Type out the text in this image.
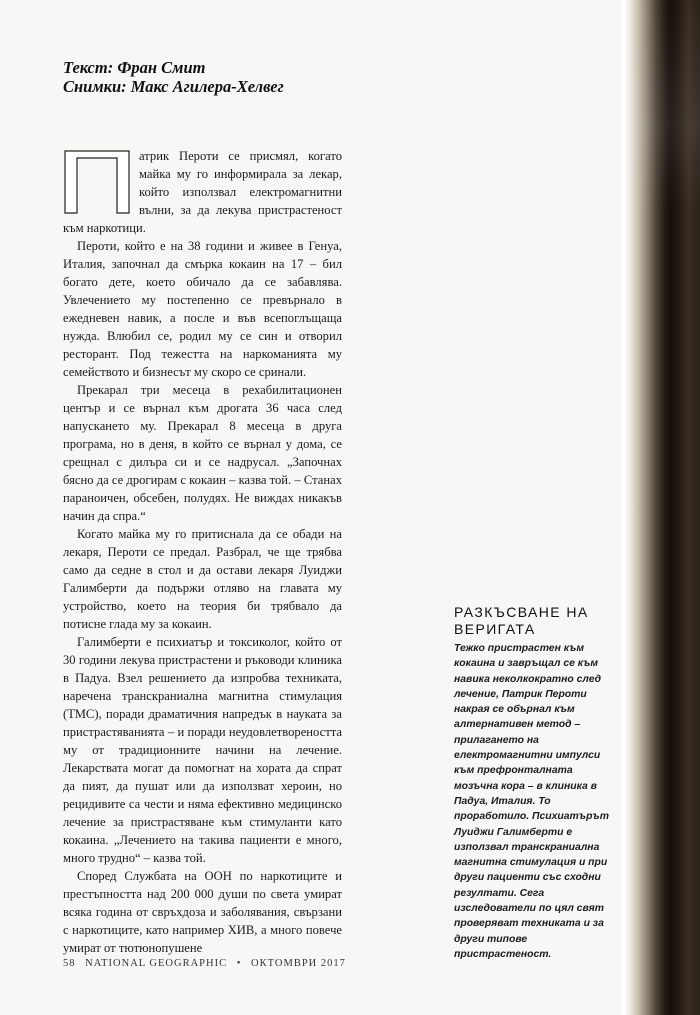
Текст: Фран Смит
Снимки: Макс Агилера-Хелвег

атрик Перoти се присмял, когато майка му го информирала за лекар, който използвал електромагнитни вълни, за да лекува пристрастеност към наркотици.

Перoти, който е на 38 години и живее в Генуа, Италия, започнал да смърка кокаин на 17 – бил богато дете, което обичало да се забавлява. Увлечението му постепенно се превърнало в ежедневен навик, а после и във всепоглъщаща нужда. Влюбил се, родил му се син и отворил ресторант. Под тежестта на наркоманията му семейството и бизнесът му скоро се сринали.

Прекарал три месеца в рехабилитационен център и се върнал към дрогата 36 часа след напускането му. Прекарал 8 месеца в друга програма, но в деня, в който се върнал у дома, се срещнал с дилъра си и се надрусал. „Започнах бясно да се дрогирам с кокаин – казва той. – Станах параноичен, обсебен, полудях. Не виждах никакъв начин да спра.“

Когато майка му го притиснала да се обади на лекаря, Перoти се предал. Разбрал, че ще трябва само да седне в стол и да остави лекаря Луиджи Галимберти да подържи отляво на главата му устройство, което на теория би трябвало да потисне глада му за кокаин.

Галимберти е психиатър и токсиколог, който от 30 години лекува пристрастени и ръководи клиника в Падуа. Взел решението да изпробва техниката, наречена транскраниална магнитна стимулация (ТМС), поради драматичния напредък в науката за пристрастяванията – и поради неудовлетвореността му от традиционните начини на лечение. Лекарствата могат да помогнат на хората да спрат да пият, да пушат или да използват хероин, но рецидивите са чести и няма ефективно медицинско лечение за пристрастяване към стимуланти като кокаина. „Лечението на такива пациенти е много, много трудно“ – казва той.

Според Службата на ООН по наркотиците и престъпността над 200 000 души по света умират всяка година от свръхдоза и заболявания, свързани с наркотиците, като например ХИВ, а много повече умират от тютюнопушене

РАЗКЪСВАНЕ НА
ВЕРИГАТА
Тежко пристрастен към кокаина и завръщал се към навика неколкократно след лечение, Патрик Перoти накрая се обърнал към алтернативен метод – прилагането на електромагнитни импулси към префронталната мозъчна кора – в клиника в Падуа, Италия. То проработило. Психиатърът Луиджи Галимберти е използвал транскраниална магнитна стимулация и при други пациенти със сходни резултати. Сега изследователи по цял свят проверяват техниката и за други типове пристрастеност.
58 NATIONAL GEOGRAPHIC • ОКТОМВРИ 2017
